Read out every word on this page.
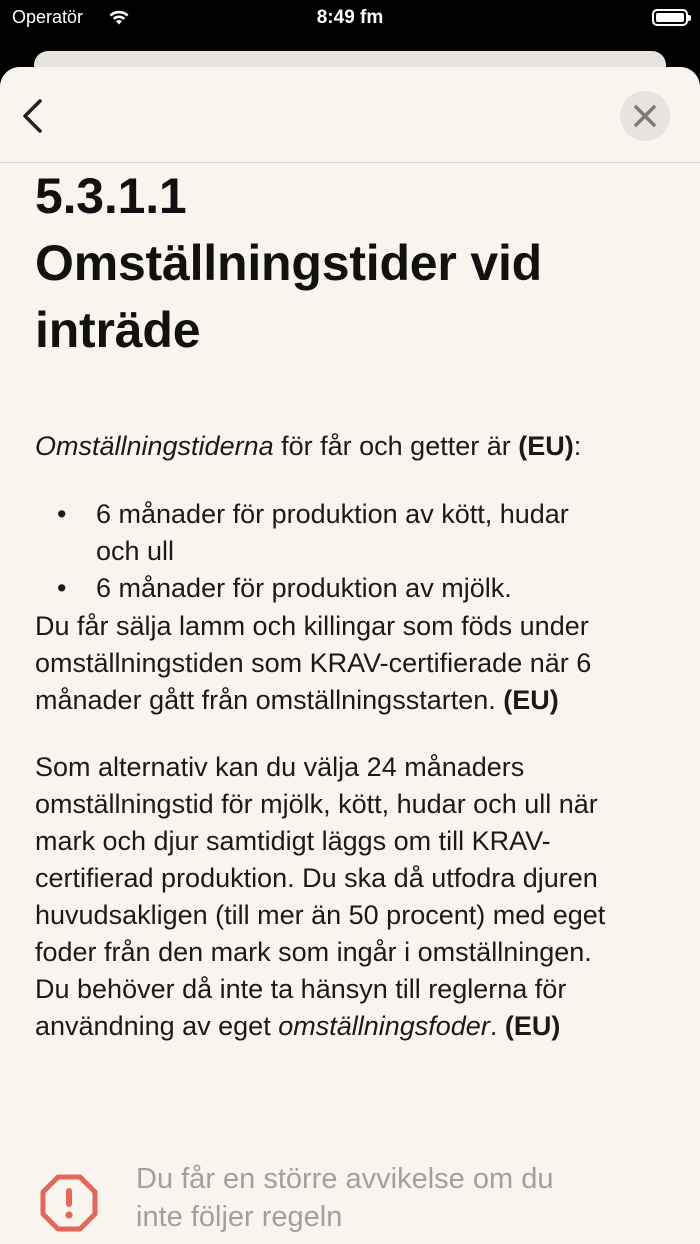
Operatör	8:49 fm
5.3.1.1
Omställningstider vid
inträde
Omställningstiderna för får och getter är (EU):
• 6 månader för produktion av kött, hudar
och ull
• 6 månader för produktion av mjölk.
Du får sälja lamm och killingar som föds under
omställningstiden som KRAV-certifierade när 6
månader gått från omställningsstarten. (EU)
Som alternativ kan du välja 24 månaders
omställningstid för mjölk, kött, hudar och ull när
mark och djur samtidigt läggs om till KRAV-
certifierad produktion. Du ska då utfodra djuren
huvudsakligen (till mer än 50 procent) med eget
foder från den mark som ingår i omställningen.
Du behöver då inte ta hänsyn till reglerna för
användning av eget omställningsfoder. (EU)
Du får en större avvikelse om du
inte följer regeln
